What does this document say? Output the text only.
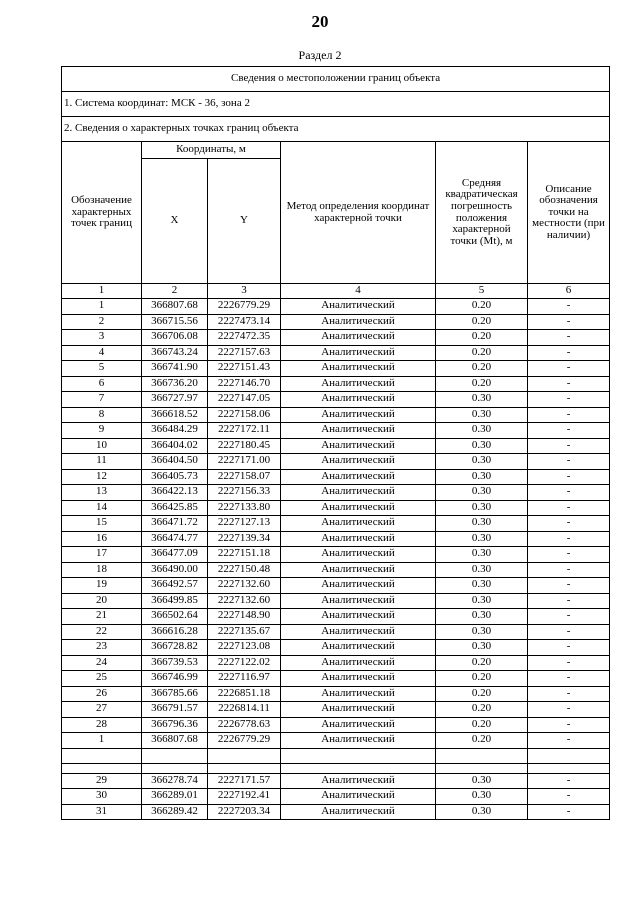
20
Раздел 2
Сведения о местоположении границ объекта					
1. Система координат: МСК - 36, зона 2					
2. Сведения о характерных точках границ объекта					
Обозначение характерных точек границ	Координаты, м		Метод определения координат характерной точки	Средняя квадратическая погрешность положения характерной точки (Mt), м	Описание обозначения точки на местности (при наличии)
	X	Y			
1	2	3	4	5	6
1	366807.68	2226779.29	Аналитический	0.20	-
2	366715.56	2227473.14	Аналитический	0.20	-
3	366706.08	2227472.35	Аналитический	0.20	-
4	366743.24	2227157.63	Аналитический	0.20	-
5	366741.90	2227151.43	Аналитический	0.20	-
6	366736.20	2227146.70	Аналитический	0.20	-
7	366727.97	2227147.05	Аналитический	0.30	-
8	366618.52	2227158.06	Аналитический	0.30	-
9	366484.29	2227172.11	Аналитический	0.30	-
10	366404.02	2227180.45	Аналитический	0.30	-
11	366404.50	2227171.00	Аналитический	0.30	-
12	366405.73	2227158.07	Аналитический	0.30	-
13	366422.13	2227156.33	Аналитический	0.30	-
14	366425.85	2227133.80	Аналитический	0.30	-
15	366471.72	2227127.13	Аналитический	0.30	-
16	366474.77	2227139.34	Аналитический	0.30	-
17	366477.09	2227151.18	Аналитический	0.30	-
18	366490.00	2227150.48	Аналитический	0.30	-
19	366492.57	2227132.60	Аналитический	0.30	-
20	366499.85	2227132.60	Аналитический	0.30	-
21	366502.64	2227148.90	Аналитический	0.30	-
22	366616.28	2227135.67	Аналитический	0.30	-
23	366728.82	2227123.08	Аналитический	0.30	-
24	366739.53	2227122.02	Аналитический	0.20	-
25	366746.99	2227116.97	Аналитический	0.20	-
26	366785.66	2226851.18	Аналитический	0.20	-
27	366791.57	2226814.11	Аналитический	0.20	-
28	366796.36	2226778.63	Аналитический	0.20	-
1	366807.68	2226779.29	Аналитический	0.20	-

29	366278.74	2227171.57	Аналитический	0.30	-
30	366289.01	2227192.41	Аналитический	0.30	-
31	366289.42	2227203.34	Аналитический	0.30	-
